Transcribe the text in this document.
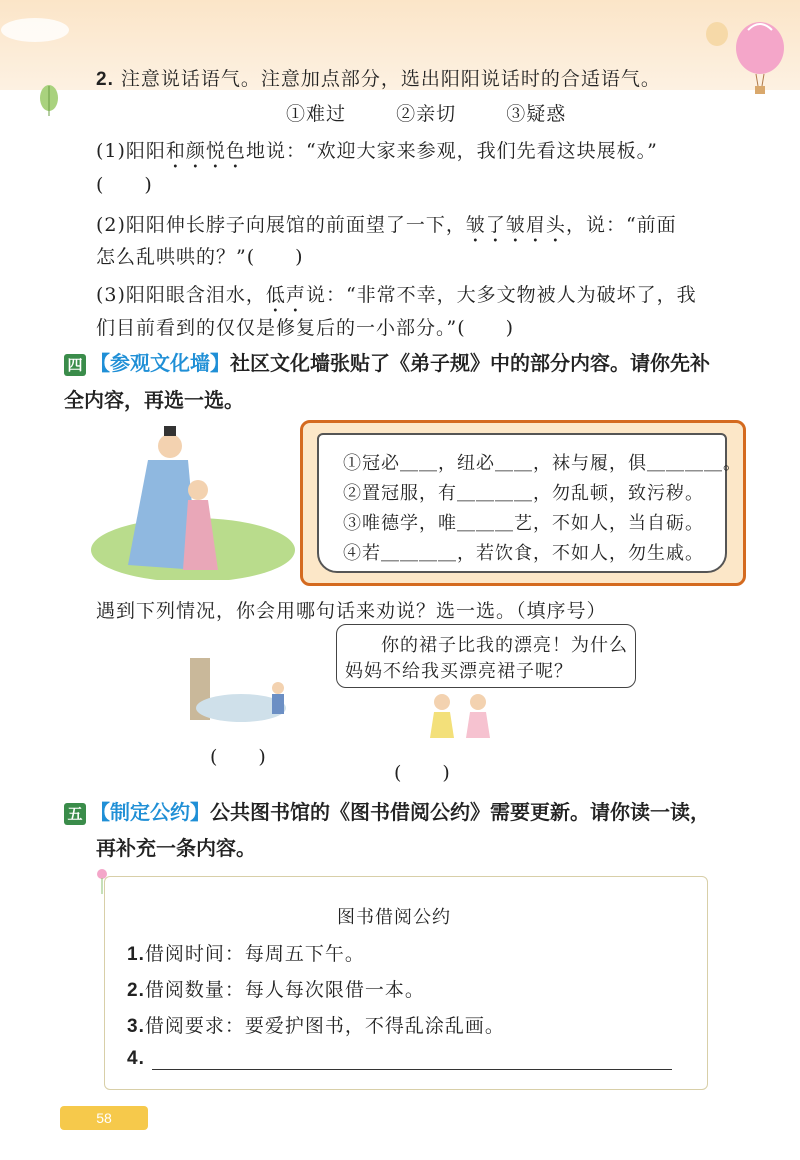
2. 注意说话语气。注意加点部分，选出阳阳说话时的合适语气。
①难过	②亲切	③疑惑
(1)阳阳和颜悦色地说：“欢迎大家来参观，我们先看这块展板。”
(　　)
(2)阳阳伸长脖子向展馆的前面望了一下，皱了皱眉头，说：“前面
怎么乱哄哄的？”(　　)
(3)阳阳眼含泪水，低声说：“非常不幸，大多文物被人为破坏了，我
们目前看到的仅仅是修复后的一小部分。”(　　)
四 【参观文化墙】社区文化墙张贴了《弟子规》中的部分内容。请你先补
全内容，再选一选。
①冠必＿＿，纽必＿＿，袜与履，俱＿＿＿＿。
②置冠服，有＿＿＿＿，勿乱顿，致污秽。
③唯德学，唯＿＿＿艺，不如人，当自砺。
④若＿＿＿＿，若饮食，不如人，勿生戚。
遇到下列情况，你会用哪句话来劝说？选一选。（填序号）
(　　)
你的裙子比我的漂亮！为什么
妈妈不给我买漂亮裙子呢？
(　　)
五 【制定公约】公共图书馆的《图书借阅公约》需要更新。请你读一读，
再补充一条内容。
图书借阅公约
1.借阅时间：每周五下午。
2.借阅数量：每人每次限借一本。
3.借阅要求：要爱护图书，不得乱涂乱画。
4.
58
